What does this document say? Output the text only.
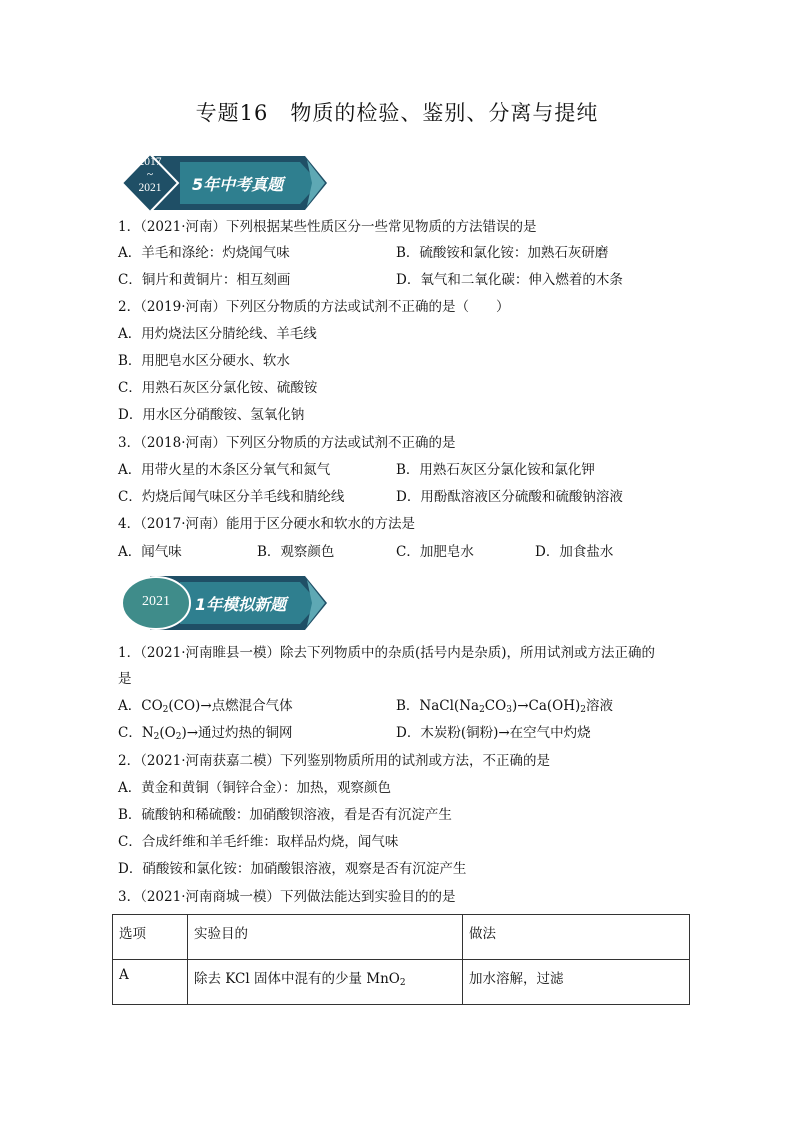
专题16　物质的检验、鉴别、分离与提纯
2017
~
2021	5年中考真题
1．（2021·河南）下列根据某些性质区分一些常见物质的方法错误的是
A．羊毛和涤纶：灼烧闻气味	B．硫酸铵和氯化铵：加熟石灰研磨
C．铜片和黄铜片：相互刻画	D．氧气和二氧化碳：伸入燃着的木条
2．（2019·河南）下列区分物质的方法或试剂不正确的是（　　）
A．用灼烧法区分腈纶线、羊毛线
B．用肥皂水区分硬水、软水
C．用熟石灰区分氯化铵、硫酸铵
D．用水区分硝酸铵、氢氧化钠
3．（2018·河南）下列区分物质的方法或试剂不正确的是
A．用带火星的木条区分氧气和氮气	B．用熟石灰区分氯化铵和氯化钾
C．灼烧后闻气味区分羊毛线和腈纶线	D．用酚酞溶液区分硫酸和硫酸钠溶液
4．（2017·河南）能用于区分硬水和软水的方法是
A．闻气味	B．观察颜色	C．加肥皂水	D．加食盐水
2021	1年模拟新题
1．（2021·河南睢县一模）除去下列物质中的杂质(括号内是杂质)，所用试剂或方法正确的
是
A．$CO_2(CO)\to$点燃混合气体	B．$NaCl(Na_2CO_3)\to Ca(OH)_2$溶液
C．$N_2(O_2)\to$通过灼热的铜网	D．木炭粉(铜粉)→在空气中灼烧
2．（2021·河南获嘉二模）下列鉴别物质所用的试剂或方法，不正确的是
A．黄金和黄铜（铜锌合金）：加热，观察颜色
B．硫酸钠和稀硫酸：加硝酸钡溶液，看是否有沉淀产生
C．合成纤维和羊毛纤维：取样品灼烧，闻气味
D．硝酸铵和氯化铵：加硝酸银溶液，观察是否有沉淀产生
3．（2021·河南商城一模）下列做法能达到实验目的的是
选项	实验目的	做法
A	除去 KCl 固体中混有的少量 MnO$_2$	加水溶解，过滤
